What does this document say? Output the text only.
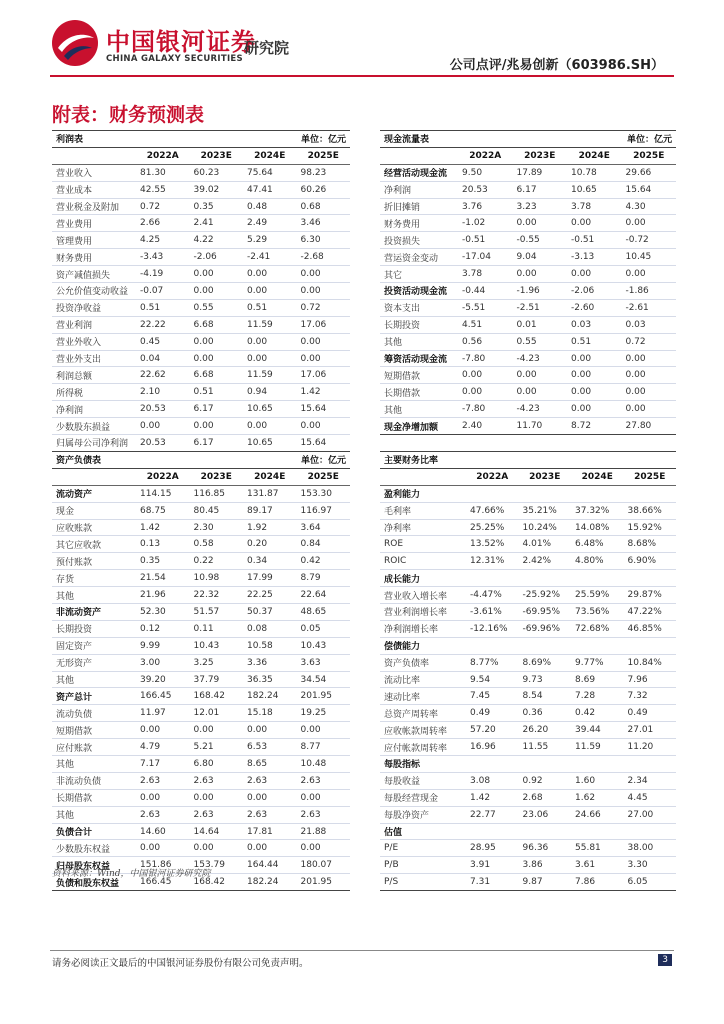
中国银河证券
CHINA GALAXY SECURITIES
研究院
公司点评/兆易创新（603986.SH）
附表：财务预测表
利润表			单位：亿元	
	2022A	2023E	2024E	2025E
营业收入	81.30	60.23	75.64	98.23
营业成本	42.55	39.02	47.41	60.26
营业税金及附加	0.72	0.35	0.48	0.68
营业费用	2.66	2.41	2.49	3.46
管理费用	4.25	4.22	5.29	6.30
财务费用	-3.43	-2.06	-2.41	-2.68
资产减值损失	-4.19	0.00	0.00	0.00
公允价值变动收益	-0.07	0.00	0.00	0.00
投资净收益	0.51	0.55	0.51	0.72
营业利润	22.22	6.68	11.59	17.06
营业外收入	0.45	0.00	0.00	0.00
营业外支出	0.04	0.00	0.00	0.00
利润总额	22.62	6.68	11.59	17.06
所得税	2.10	0.51	0.94	1.42
净利润	20.53	6.17	10.65	15.64
少数股东损益	0.00	0.00	0.00	0.00
归属母公司净利润	20.53	6.17	10.65	15.64
现金流量表			单位：亿元	
	2022A	2023E	2024E	2025E
经营活动现金流	9.50	17.89	10.78	29.66
净利润	20.53	6.17	10.65	15.64
折旧摊销	3.76	3.23	3.78	4.30
财务费用	-1.02	0.00	0.00	0.00
投资损失	-0.51	-0.55	-0.51	-0.72
营运资金变动	-17.04	9.04	-3.13	10.45
其它	3.78	0.00	0.00	0.00
投资活动现金流	-0.44	-1.96	-2.06	-1.86
资本支出	-5.51	-2.51	-2.60	-2.61
长期投资	4.51	0.01	0.03	0.03
其他	0.56	0.55	0.51	0.72
筹资活动现金流	-7.80	-4.23	0.00	0.00
短期借款	0.00	0.00	0.00	0.00
长期借款	0.00	0.00	0.00	0.00
其他	-7.80	-4.23	0.00	0.00
现金净增加额	2.40	11.70	8.72	27.80
资产负债表			单位：亿元	
	2022A	2023E	2024E	2025E
流动资产	114.15	116.85	131.87	153.30
现金	68.75	80.45	89.17	116.97
应收账款	1.42	2.30	1.92	3.64
其它应收款	0.13	0.58	0.20	0.84
预付账款	0.35	0.22	0.34	0.42
存货	21.54	10.98	17.99	8.79
其他	21.96	22.32	22.25	22.64
非流动资产	52.30	51.57	50.37	48.65
长期投资	0.12	0.11	0.08	0.05
固定资产	9.99	10.43	10.58	10.43
无形资产	3.00	3.25	3.36	3.63
其他	39.20	37.79	36.35	34.54
资产总计	166.45	168.42	182.24	201.95
流动负债	11.97	12.01	15.18	19.25
短期借款	0.00	0.00	0.00	0.00
应付账款	4.79	5.21	6.53	8.77
其他	7.17	6.80	8.65	10.48
非流动负债	2.63	2.63	2.63	2.63
长期借款	0.00	0.00	0.00	0.00
其他	2.63	2.63	2.63	2.63
负债合计	14.60	14.64	17.81	21.88
少数股东权益	0.00	0.00	0.00	0.00
归母股东权益	151.86	153.79	164.44	180.07
负债和股东权益	166.45	168.42	182.24	201.95
主要财务比率				
	2022A	2023E	2024E	2025E
盈利能力				
毛利率	47.66%	35.21%	37.32%	38.66%
净利率	25.25%	10.24%	14.08%	15.92%
ROE	13.52%	4.01%	6.48%	8.68%
ROIC	12.31%	2.42%	4.80%	6.90%
成长能力				
营业收入增长率	-4.47%	-25.92%	25.59%	29.87%
营业利润增长率	-3.61%	-69.95%	73.56%	47.22%
净利润增长率	-12.16%	-69.96%	72.68%	46.85%
偿债能力				
资产负债率	8.77%	8.69%	9.77%	10.84%
流动比率	9.54	9.73	8.69	7.96
速动比率	7.45	8.54	7.28	7.32
总资产周转率	0.49	0.36	0.42	0.49
应收帐款周转率	57.20	26.20	39.44	27.01
应付帐款周转率	16.96	11.55	11.59	11.20
每股指标				
每股收益	3.08	0.92	1.60	2.34
每股经营现金	1.42	2.68	1.62	4.45
每股净资产	22.77	23.06	24.66	27.00
估值				
P/E	28.95	96.36	55.81	38.00
P/B	3.91	3.86	3.61	3.30
P/S	7.31	9.87	7.86	6.05
资料来源：Wind，中国银河证券研究院
请务必阅读正文最后的中国银河证券股份有限公司免责声明。	3
